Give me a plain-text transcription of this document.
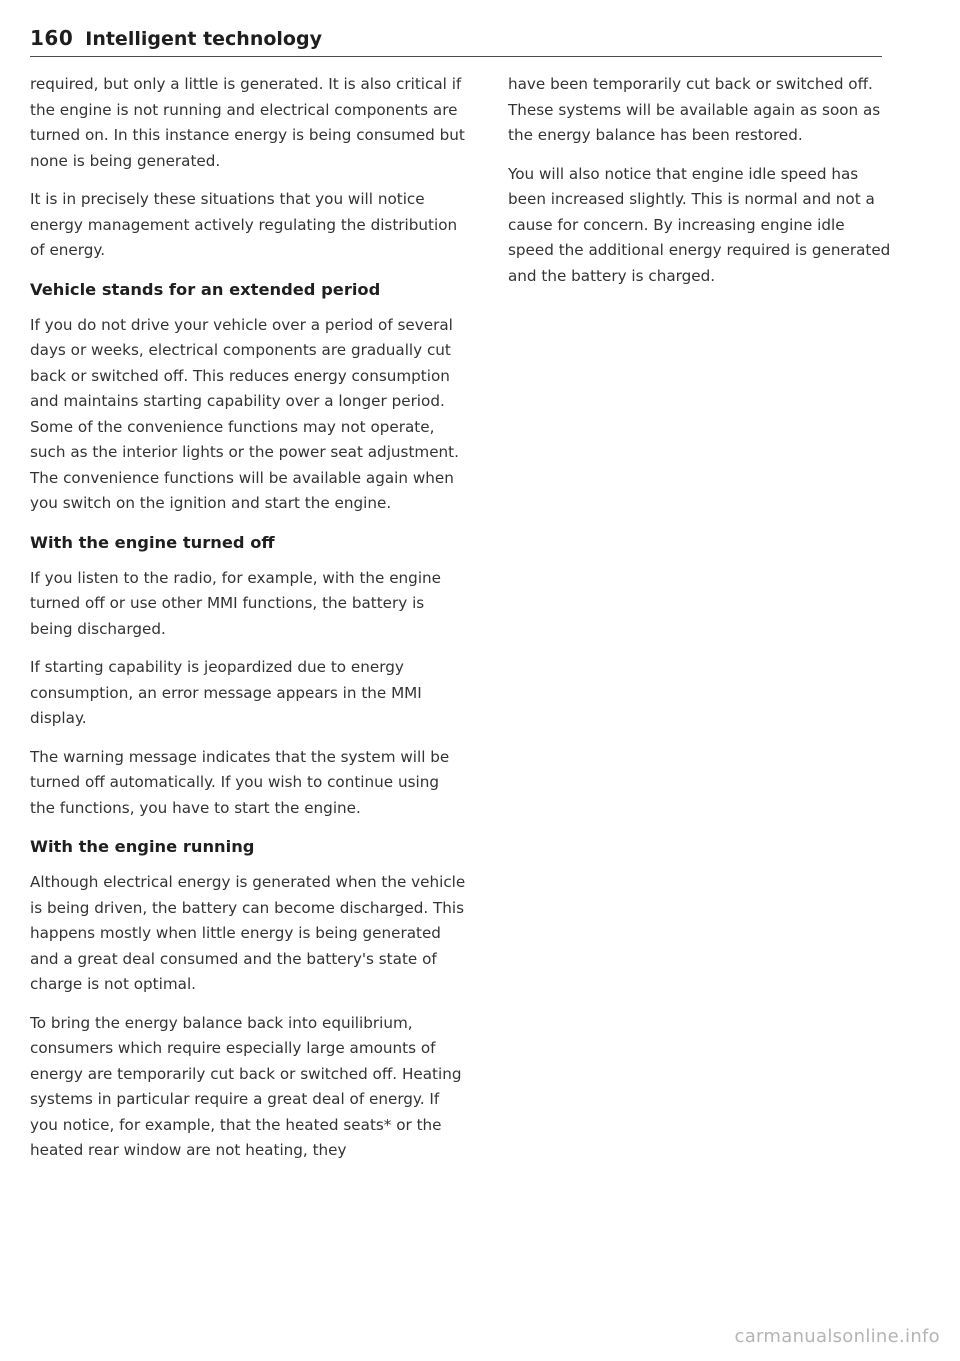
160 Intelligent technology

required, but only a little is generated. It is also critical if the engine is not running and electrical components are turned on. In this instance energy is being consumed but none is being generated.

It is in precisely these situations that you will notice energy management actively regulating the distribution of energy.

Vehicle stands for an extended period

If you do not drive your vehicle over a period of several days or weeks, electrical components are gradually cut back or switched off. This reduces energy consumption and maintains starting capability over a longer period. Some of the convenience functions may not operate, such as the interior lights or the power seat adjustment. The convenience functions will be available again when you switch on the ignition and start the engine.

With the engine turned off

If you listen to the radio, for example, with the engine turned off or use other MMI functions, the battery is being discharged.

If starting capability is jeopardized due to energy consumption, an error message appears in the MMI display.

The warning message indicates that the system will be turned off automatically. If you wish to continue using the functions, you have to start the engine.

With the engine running

Although electrical energy is generated when the vehicle is being driven, the battery can become discharged. This happens mostly when little energy is being generated and a great deal consumed and the battery's state of charge is not optimal.

To bring the energy balance back into equilibrium, consumers which require especially large amounts of energy are temporarily cut back or switched off. Heating systems in particular require a great deal of energy. If you notice, for example, that the heated seats* or the heated rear window are not heating, they

have been temporarily cut back or switched off. These systems will be available again as soon as the energy balance has been restored.

You will also notice that engine idle speed has been increased slightly. This is normal and not a cause for concern. By increasing engine idle speed the additional energy required is generated and the battery is charged.

carmanualsonline.info
